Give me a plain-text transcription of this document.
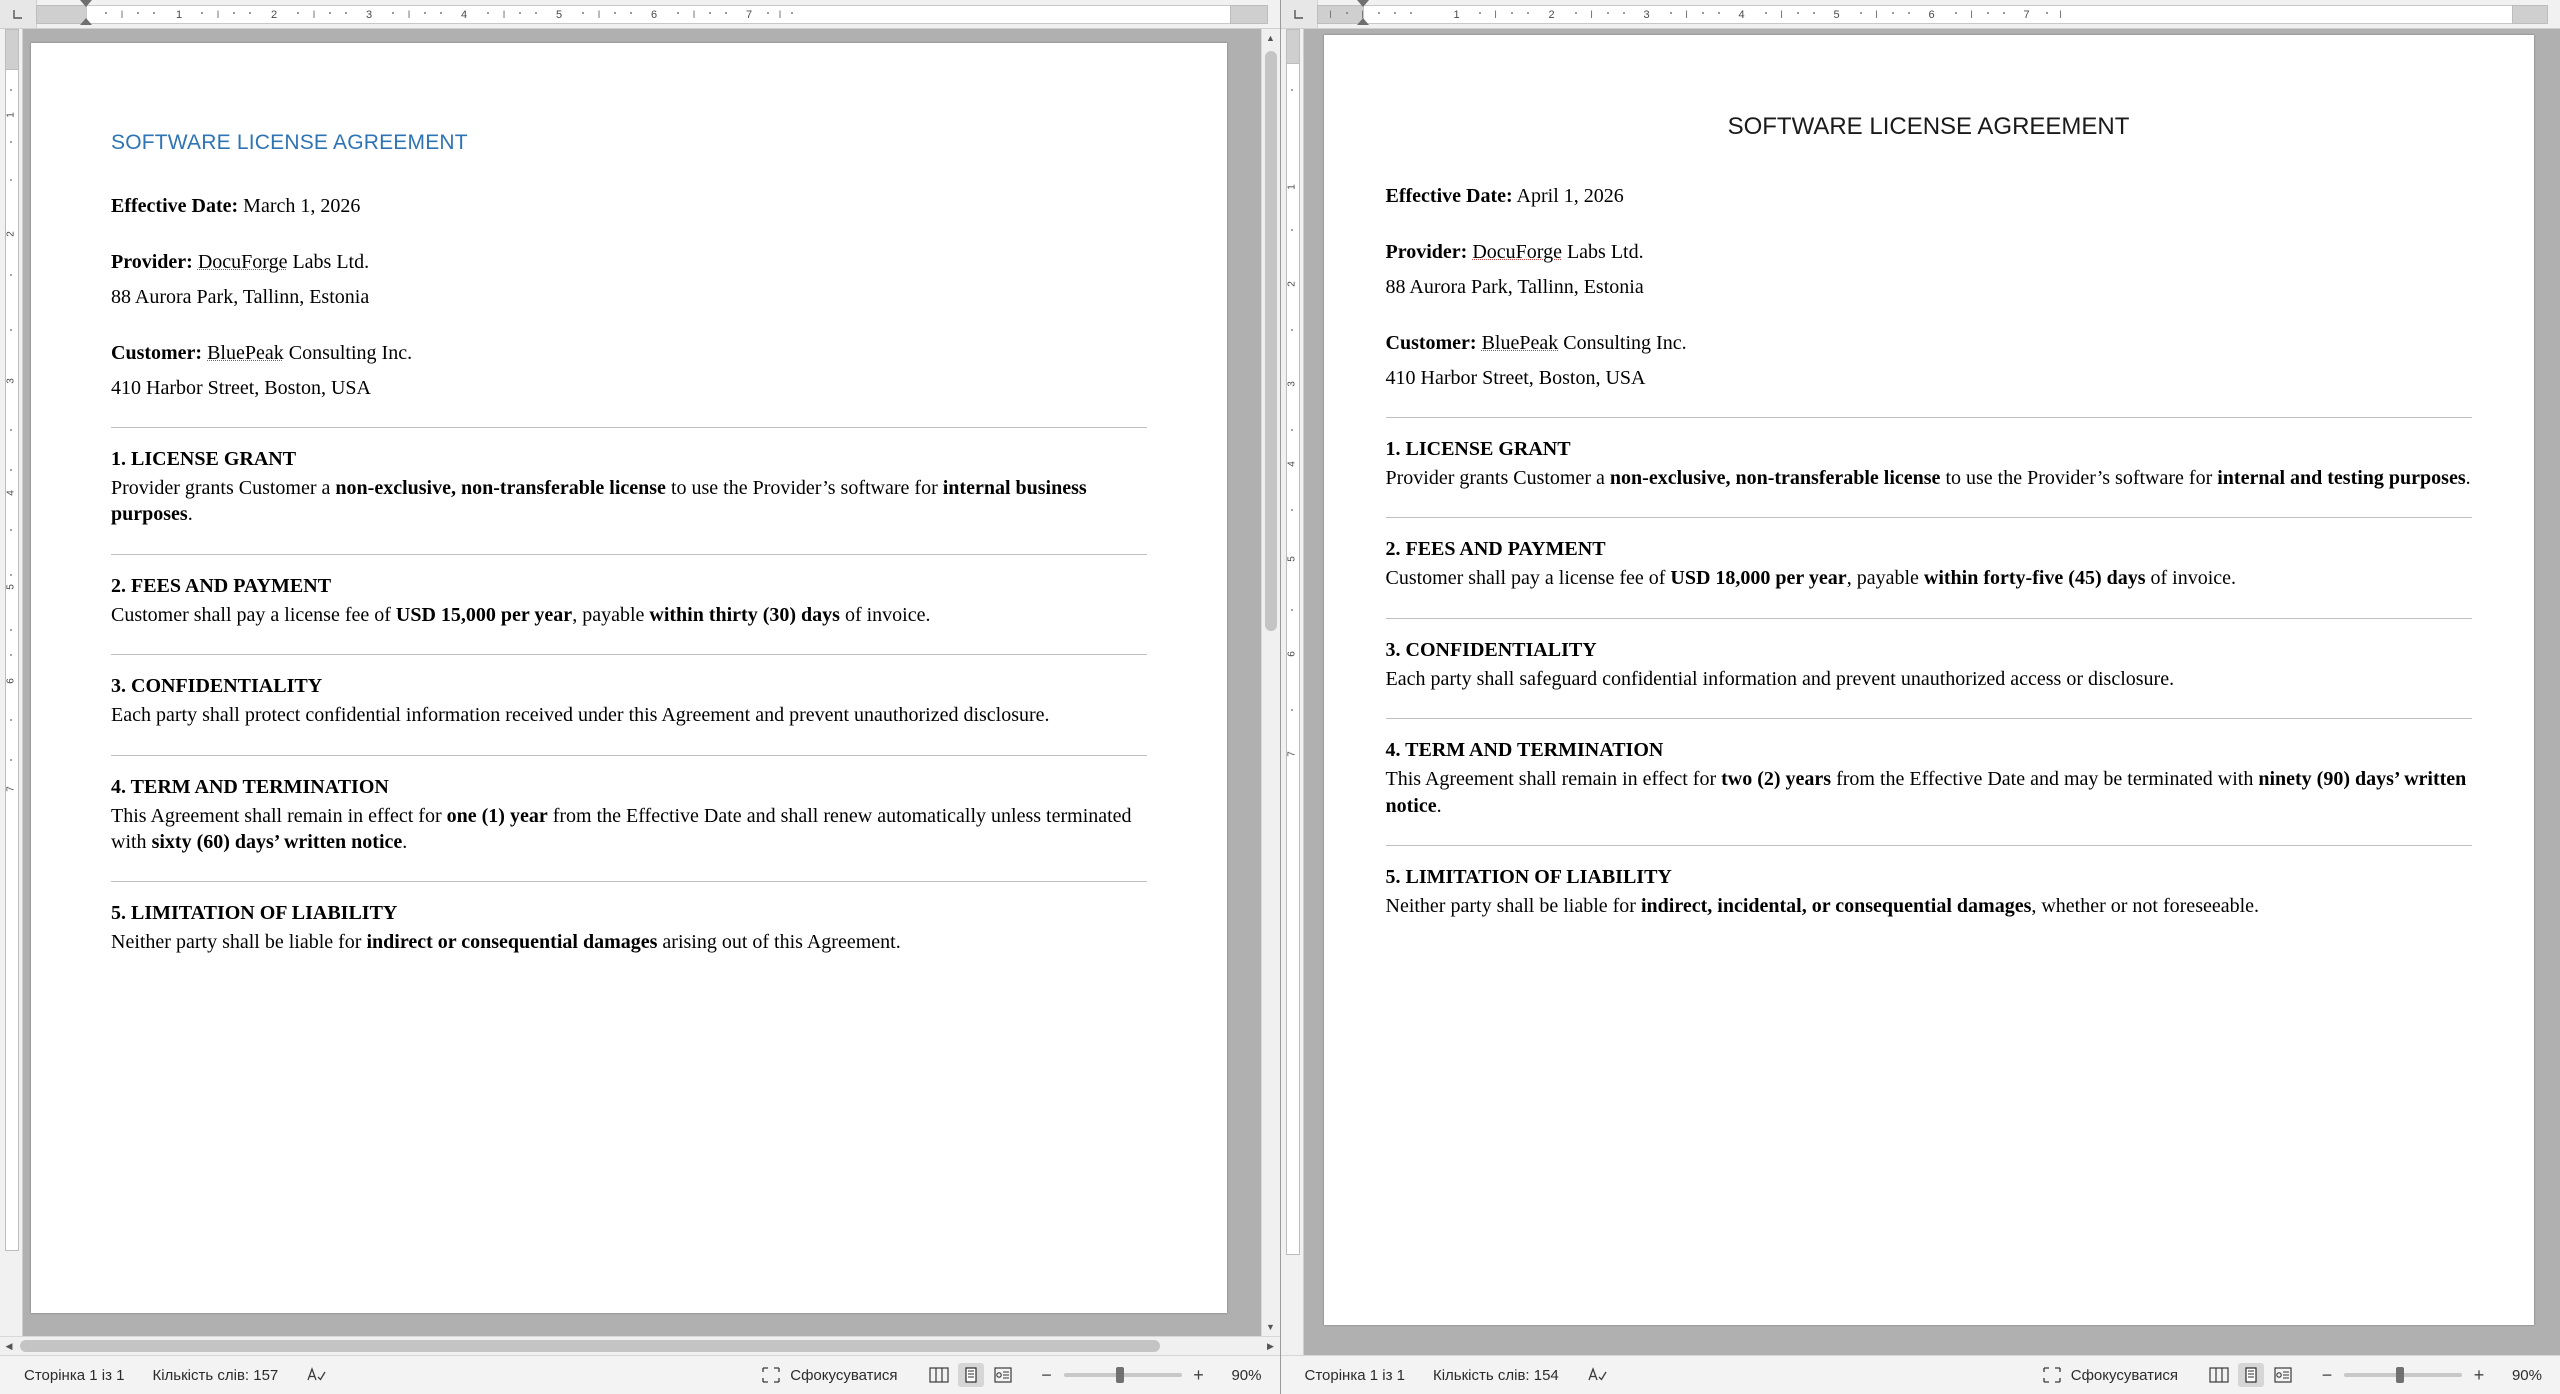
I	1	I	2	I	3	I	4	I	5	I	6	I	7 I
1
2
3
4
5
6
7
SOFTWARE LICENSE AGREEMENT

Effective Date: March 1, 2026

Provider: DocuForge Labs Ltd.

88 Aurora Park, Tallinn, Estonia

Customer: BluePeak Consulting Inc.

410 Harbor Street, Boston, USA

1. LICENSE GRANT

Provider grants Customer a non-exclusive, non-transferable license to use the Provider’s software for internal business purposes.

2. FEES AND PAYMENT

Customer shall pay a license fee of USD 15,000 per year, payable within thirty (30) days of invoice.

3. CONFIDENTIALITY

Each party shall protect confidential information received under this Agreement and prevent unauthorized disclosure.

4. TERM AND TERMINATION

This Agreement shall remain in effect for one (1) year from the Effective Date and shall renew automatically unless terminated with sixty (60) days’ written notice.

5. LIMITATION OF LIABILITY

Neither party shall be liable for indirect or consequential damages arising out of this Agreement.

▲
▼
◀	▶
Сторінка 1 із 1	Кількість слів: 157	Сфокусуватися	−	+	90%
I	I	1	I	2	I	3	I	4	I	5	I	6	I	7	I
1
2
3
4
5
6
7
SOFTWARE LICENSE AGREEMENT

Effective Date: April 1, 2026

Provider: DocuForge Labs Ltd.

88 Aurora Park, Tallinn, Estonia

Customer: BluePeak Consulting Inc.

410 Harbor Street, Boston, USA

1. LICENSE GRANT

Provider grants Customer a non-exclusive, non-transferable license to use the Provider’s software for internal and testing purposes.

2. FEES AND PAYMENT

Customer shall pay a license fee of USD 18,000 per year, payable within forty-five (45) days of invoice.

3. CONFIDENTIALITY

Each party shall safeguard confidential information and prevent unauthorized access or disclosure.

4. TERM AND TERMINATION

This Agreement shall remain in effect for two (2) years from the Effective Date and may be terminated with ninety (90) days’ written notice.

5. LIMITATION OF LIABILITY

Neither party shall be liable for indirect, incidental, or consequential damages, whether or not foreseeable.

Сторінка 1 із 1	Кількість слів: 154	Сфокусуватися	−	+	90%
